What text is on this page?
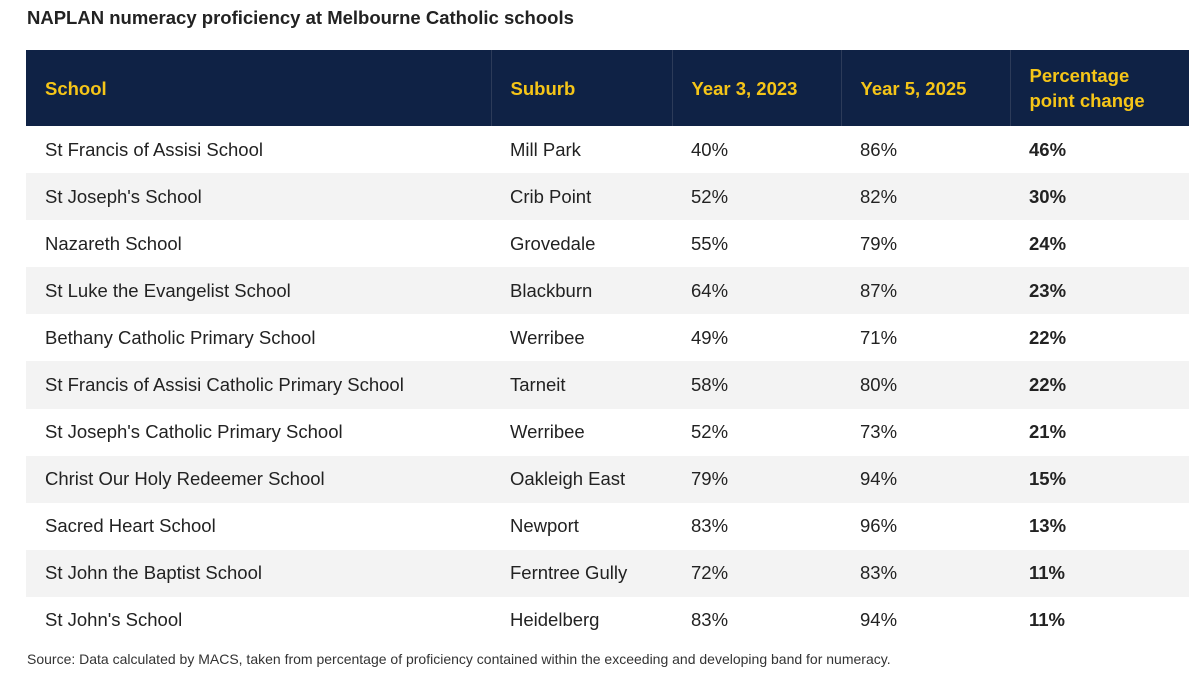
NAPLAN numeracy proficiency at Melbourne Catholic schools
School	Suburb	Year 3, 2023	Year 5, 2025	Percentage point change
St Francis of Assisi School	Mill Park	40%	86%	46%
St Joseph's School	Crib Point	52%	82%	30%
Nazareth School	Grovedale	55%	79%	24%
St Luke the Evangelist School	Blackburn	64%	87%	23%
Bethany Catholic Primary School	Werribee	49%	71%	22%
St Francis of Assisi Catholic Primary School	Tarneit	58%	80%	22%
St Joseph's Catholic Primary School	Werribee	52%	73%	21%
Christ Our Holy Redeemer School	Oakleigh East	79%	94%	15%
Sacred Heart School	Newport	83%	96%	13%
St John the Baptist School	Ferntree Gully	72%	83%	11%
St John's School	Heidelberg	83%	94%	11%
Source: Data calculated by MACS, taken from percentage of proficiency contained within the exceeding and developing band for numeracy.
